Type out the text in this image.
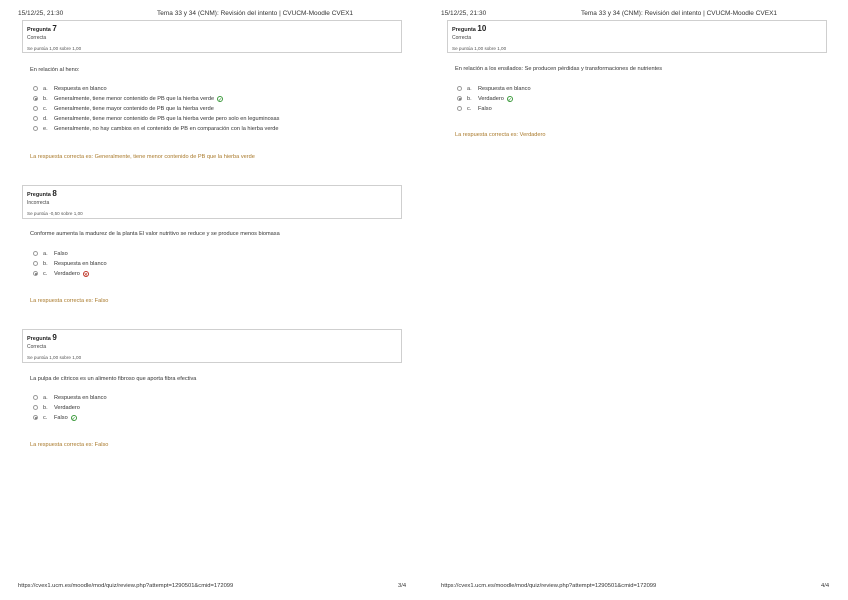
15/12/25, 21:30	Tema 33 y 34 (CNM): Revisión del intento | CVUCM-Moodle CVEX1
Pregunta 7
Correcta
Se puntúa 1,00 sobre 1,00
En relación al heno:
a.	Respuesta en blanco
b.	Generalmente, tiene menor contenido de PB que la hierba verde ✓
c.	Generalmente, tiene mayor contenido de PB que la hierba verde
d.	Generalmente, tiene menor contenido de PB que la hierba verde pero solo en leguminosas
e.	Generalmente, no hay cambios en el contenido de PB en comparación con la hierba verde
La respuesta correcta es: Generalmente, tiene menor contenido de PB que la hierba verde
Pregunta 8
Incorrecta
Se puntúa -0,50 sobre 1,00
Conforme aumenta la madurez de la planta El valor nutritivo se reduce y se produce menos biomasa
a.	Falso
b.	Respuesta en blanco
c.	Verdadero ✕
La respuesta correcta es: Falso
Pregunta 9
Correcta
Se puntúa 1,00 sobre 1,00
La pulpa de cítricos es un alimento fibroso que aporta fibra efectiva
a.	Respuesta en blanco
b.	Verdadero
c.	Falso ✓
La respuesta correcta es: Falso
https://cvex1.ucm.es/moodle/mod/quiz/review.php?attempt=1290501&cmid=172099	3/4
15/12/25, 21:30	Tema 33 y 34 (CNM): Revisión del intento | CVUCM-Moodle CVEX1
Pregunta 10
Correcta
Se puntúa 1,00 sobre 1,00
En relación a los ensilados: Se producen pérdidas y transformaciones de nutrientes
a.	Respuesta en blanco
b.	Verdadero ✓
c.	Falso
La respuesta correcta es: Verdadero
https://cvex1.ucm.es/moodle/mod/quiz/review.php?attempt=1290501&cmid=172099	4/4
